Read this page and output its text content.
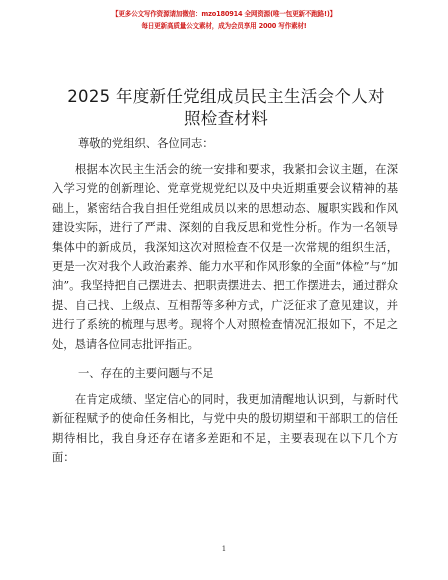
【更多公文写作资源请加微信：mzo180914 全网资源(唯一包更新不跑路!)】
每日更新高质量公文素材，成为会员享用 2000 写作素材!
2025 年度新任党组成员民主生活会个人对照检查材料

尊敬的党组织、各位同志：

根据本次民主生活会的统一安排和要求，我紧扣会议主题，在深入学习党的创新理论、党章党规党纪以及中央近期重要会议精神的基础上，紧密结合我自担任党组成员以来的思想动态、履职实践和作风建设实际，进行了严肃、深刻的自我反思和党性分析。作为一名领导集体中的新成员，我深知这次对照检查不仅是一次常规的组织生活，更是一次对我个人政治素养、能力水平和作风形象的全面“体检”与“加油”。我坚持把自己摆进去、把职责摆进去、把工作摆进去，通过群众提、自己找、上级点、互相帮等多种方式，广泛征求了意见建议，并进行了系统的梳理与思考。现将个人对照检查情况汇报如下，不足之处，恳请各位同志批评指正。

一、存在的主要问题与不足

在肯定成绩、坚定信心的同时，我更加清醒地认识到，与新时代新征程赋予的使命任务相比，与党中央的殷切期望和干部职工的信任期待相比，我自身还存在诸多差距和不足，主要表现在以下几个方面：

1
